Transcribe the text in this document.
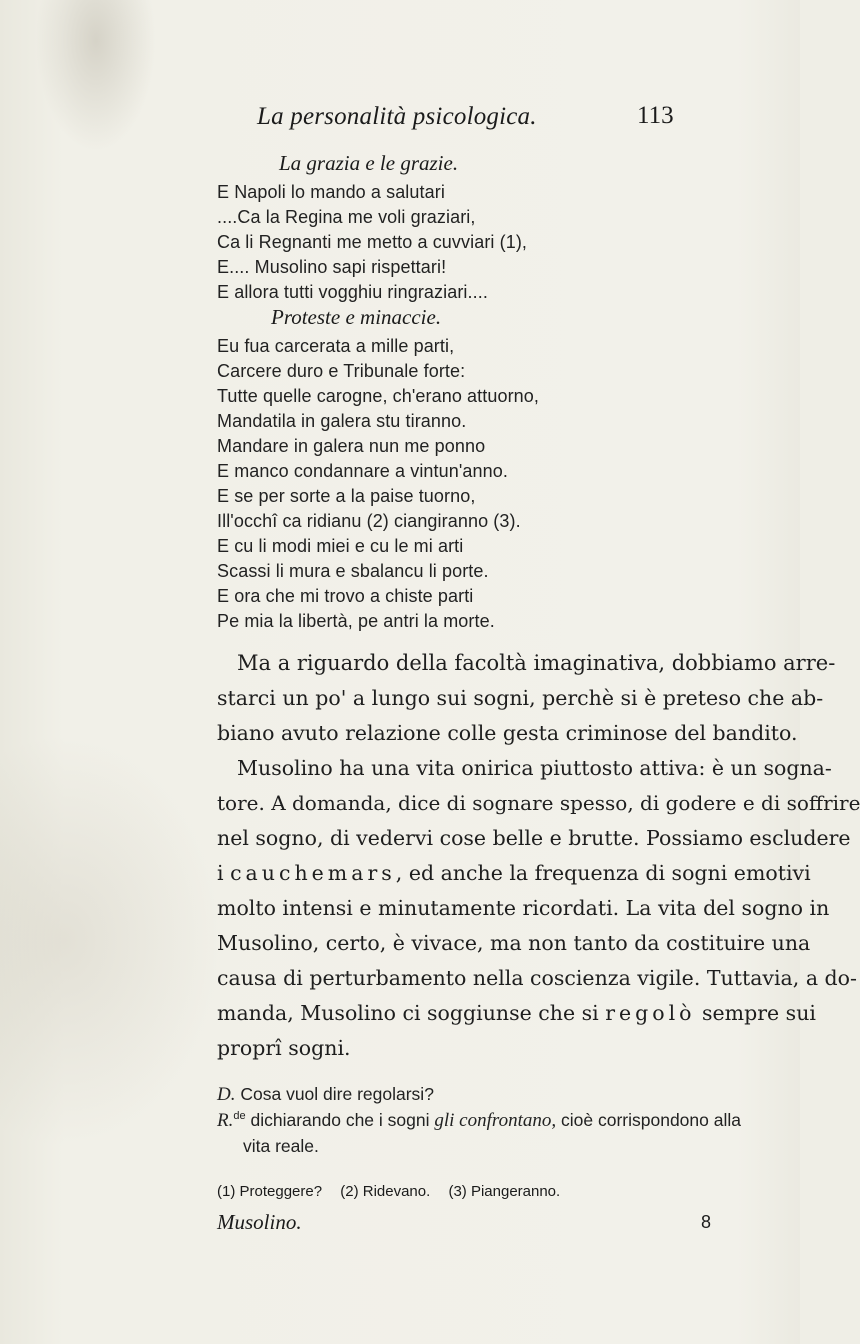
La personalità psicologica.	113
La grazia e le grazie.
E Napoli lo mando a salutari
....Ca la Regina me voli graziari,
Ca li Regnanti me metto a cuvviari (1),
E.... Musolino sapi rispettari!
E allora tutti vogghiu ringraziari....
Proteste e minaccie.
Eu fua carcerata a mille parti,
Carcere duro e Tribunale forte:
Tutte quelle carogne, ch'erano attuorno,
Mandatila in galera stu tiranno.
Mandare in galera nun me ponno
E manco condannare a vintun'anno.
E se per sorte a la paise tuorno,
Ill'occhî ca ridianu (2) ciangiranno (3).
E cu li modi miei e cu le mi arti
Scassi li mura e sbalancu li porte.
E ora che mi trovo a chiste parti
Pe mia la libertà, pe antri la morte.
Ma a riguardo della facoltà imaginativa, dobbiamo arre-
starci un po' a lungo sui sogni, perchè si è preteso che ab-
biano avuto relazione colle gesta criminose del bandito.
Musolino ha una vita onirica piuttosto attiva: è un sogna-
tore. A domanda, dice di sognare spesso, di godere e di soffrire
nel sogno, di vedervi cose belle e brutte. Possiamo escludere
i cauchemars, ed anche la frequenza di sogni emotivi
molto intensi e minutamente ricordati. La vita del sogno in
Musolino, certo, è vivace, ma non tanto da costituire una
causa di perturbamento nella coscienza vigile. Tuttavia, a do-
manda, Musolino ci soggiunse che si regolò sempre sui
proprî sogni.
D. Cosa vuol dire regolarsi?
R.$^{de}$ dichiarando che i sogni gli confrontano, cioè corrispondono alla
vita reale.
(1) Proteggere? (2) Ridevano. (3) Piangeranno.
Musolino.	8
